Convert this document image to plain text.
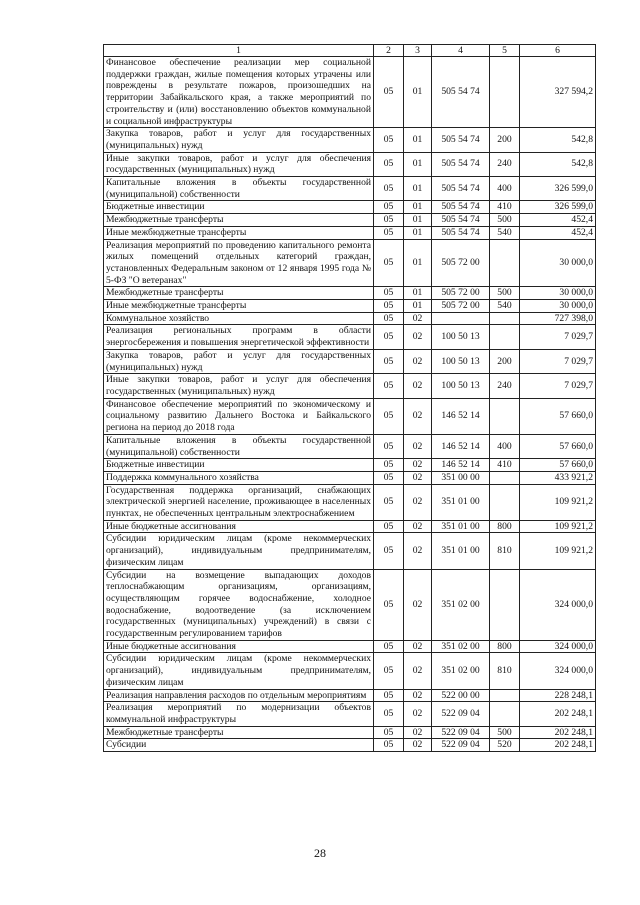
1	2	3	4	5	6
Финансовое обеспечение реализации мер социальной поддержки граждан, жилые помещения которых утрачены или повреждены в результате пожаров, произошедших на территории Забайкальского края, а также мероприятий по строительству и (или) восстановлению объектов коммунальной и социальной инфраструктуры	05	01	505 54 74		327 594,2
Закупка товаров, работ и услуг для государственных (муниципальных) нужд	05	01	505 54 74	200	542,8
Иные закупки товаров, работ и услуг для обеспечения государственных (муниципальных) нужд	05	01	505 54 74	240	542,8
Капитальные вложения в объекты государственной (муниципальной) собственности	05	01	505 54 74	400	326 599,0
Бюджетные инвестиции	05	01	505 54 74	410	326 599,0
Межбюджетные трансферты	05	01	505 54 74	500	452,4
Иные межбюджетные трансферты	05	01	505 54 74	540	452,4
Реализация мероприятий по проведению капитального ремонта жилых помещений отдельных категорий граждан, установленных Федеральным законом от 12 января 1995 года № 5-ФЗ "О ветеранах"	05	01	505 72 00		30 000,0
Межбюджетные трансферты	05	01	505 72 00	500	30 000,0
Иные межбюджетные трансферты	05	01	505 72 00	540	30 000,0
Коммунальное хозяйство	05	02			727 398,0
Реализация региональных программ в области энергосбережения и повышения энергетической эффективности	05	02	100 50 13		7 029,7
Закупка товаров, работ и услуг для государственных (муниципальных) нужд	05	02	100 50 13	200	7 029,7
Иные закупки товаров, работ и услуг для обеспечения государственных (муниципальных) нужд	05	02	100 50 13	240	7 029,7
Финансовое обеспечение мероприятий по экономическому и социальному развитию Дальнего Востока и Байкальского региона на период до 2018 года	05	02	146 52 14		57 660,0
Капитальные вложения в объекты государственной (муниципальной) собственности	05	02	146 52 14	400	57 660,0
Бюджетные инвестиции	05	02	146 52 14	410	57 660,0
Поддержка коммунального хозяйства	05	02	351 00 00		433 921,2
Государственная поддержка организаций, снабжающих электрической энергией население, проживающее в населенных пунктах, не обеспеченных центральным электроснабжением	05	02	351 01 00		109 921,2
Иные бюджетные ассигнования	05	02	351 01 00	800	109 921,2
Субсидии юридическим лицам (кроме некоммерческих организаций), индивидуальным предпринимателям, физическим лицам	05	02	351 01 00	810	109 921,2
Субсидии на возмещение выпадающих доходов теплоснабжающим организациям, организациям, осуществляющим горячее водоснабжение, холодное водоснабжение, водоотведение (за исключением государственных (муниципальных) учреждений) в связи с государственным регулированием тарифов	05	02	351 02 00		324 000,0
Иные бюджетные ассигнования	05	02	351 02 00	800	324 000,0
Субсидии юридическим лицам (кроме некоммерческих организаций), индивидуальным предпринимателям, физическим лицам	05	02	351 02 00	810	324 000,0
Реализация направления расходов по отдельным мероприятиям	05	02	522 00 00		228 248,1
Реализация мероприятий по модернизации объектов коммунальной инфраструктуры	05	02	522 09 04		202 248,1
Межбюджетные трансферты	05	02	522 09 04	500	202 248,1
Субсидии	05	02	522 09 04	520	202 248,1
28
